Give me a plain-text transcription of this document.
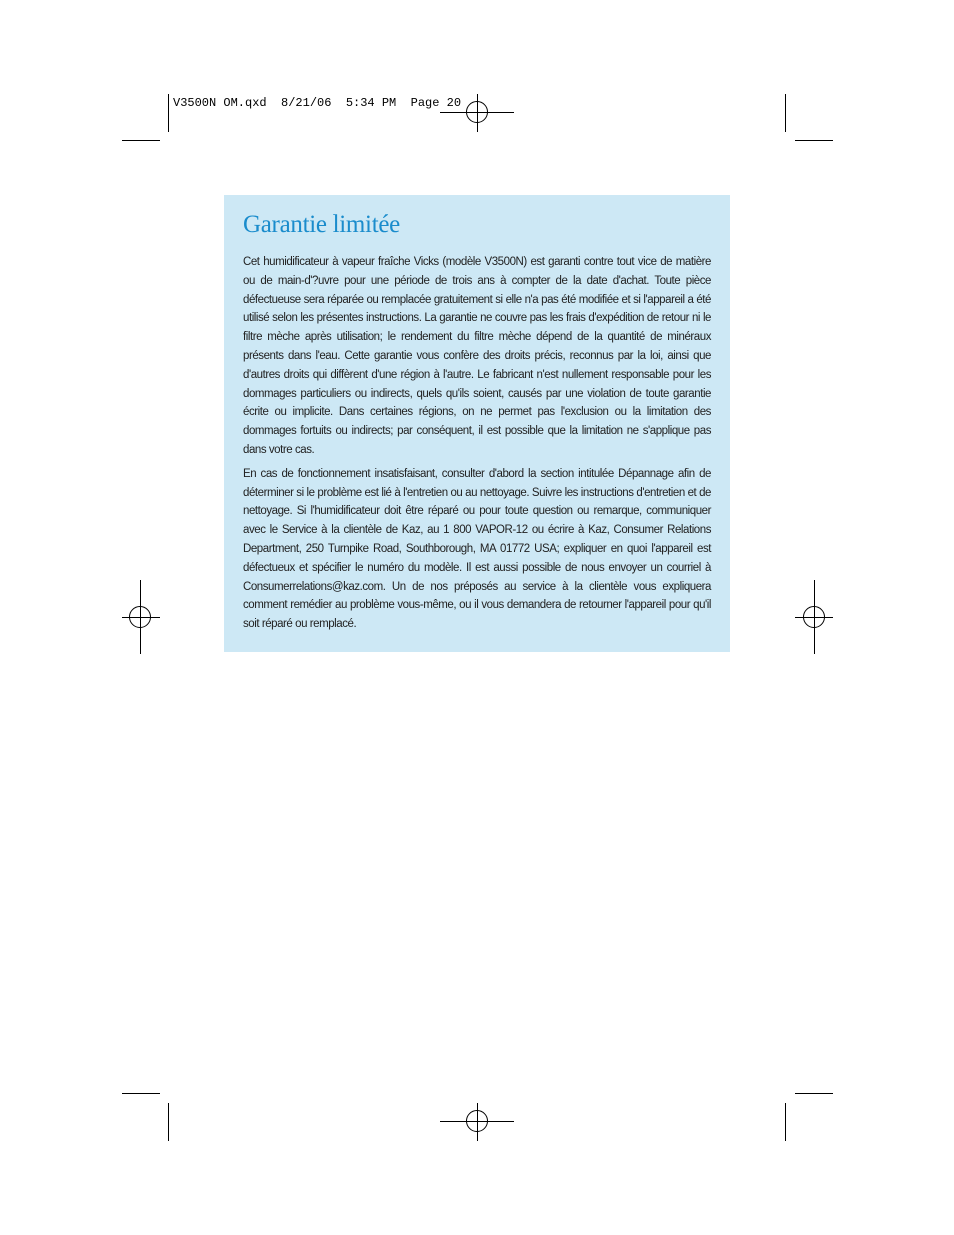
V3500N OM.qxd  8/21/06  5:34 PM  Page 20
Garantie limitée

Cet humidificateur à vapeur fraîche Vicks (modèle V3500N) est garanti contre tout vice de matière ou de main-d'?uvre pour une période de trois ans à compter de la date d'achat. Toute pièce défectueuse sera réparée ou remplacée gratuitement si elle n'a pas été modifiée et si l'appareil a été utilisé selon les présentes instructions. La garantie ne couvre pas les frais d'expédition de retour ni le filtre mèche après utilisation; le rendement du filtre mèche dépend de la quantité de minéraux présents dans l'eau. Cette garantie vous confère des droits précis, reconnus par la loi, ainsi que d'autres droits qui diffèrent d'une région à l'autre. Le fabricant n'est nullement responsable pour les dommages particuliers ou indirects, quels qu'ils soient, causés par une violation de toute garantie écrite ou implicite. Dans certaines régions, on ne permet pas l'exclusion ou la limitation des dommages fortuits ou indirects; par conséquent, il est possible que la limitation ne s'applique pas dans votre cas.

En cas de fonctionnement insatisfaisant, consulter d'abord la section intitulée Dépannage afin de déterminer si le problème est lié à l'entretien ou au nettoyage. Suivre les instructions d'entretien et de nettoyage. Si l'humidificateur doit être réparé ou pour toute question ou remarque, communiquer avec le Service à la clientèle de Kaz, au 1 800 VAPOR-12 ou écrire à Kaz, Consumer Relations Department, 250 Turnpike Road, Southborough, MA 01772 USA; expliquer en quoi l'appareil est défectueux et spécifier le numéro du modèle. Il est aussi possible de nous envoyer un courriel à Consumerrelations@kaz.com. Un de nos préposés au service à la clientèle vous expliquera comment remédier au problème vous-même, ou il vous demandera de retourner l'appareil pour qu'il soit réparé ou remplacé.
